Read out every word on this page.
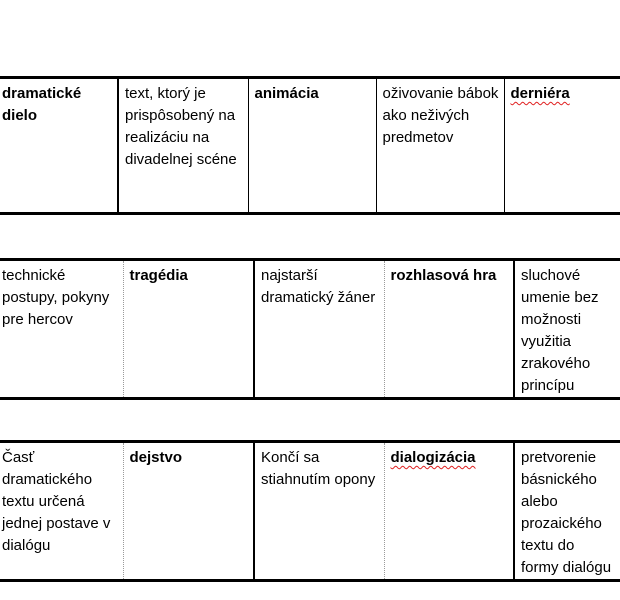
dramatické dielo	text, ktorý je prispôsobený na realizáciu na divadelnej scéne	animácia	oživovanie bábok ako neživých predmetov	derniéra
technické postupy, pokyny pre hercov	tragédia	najstarší dramatický žáner	rozhlasová hra	sluchové umenie bez možnosti využitia zrakového princípu
Časť dramatického textu určená jednej postave v dialógu	dejstvo	Končí sa stiahnutím opony	dialogizácia	pretvorenie básnického alebo prozaického textu do formy dialógu
